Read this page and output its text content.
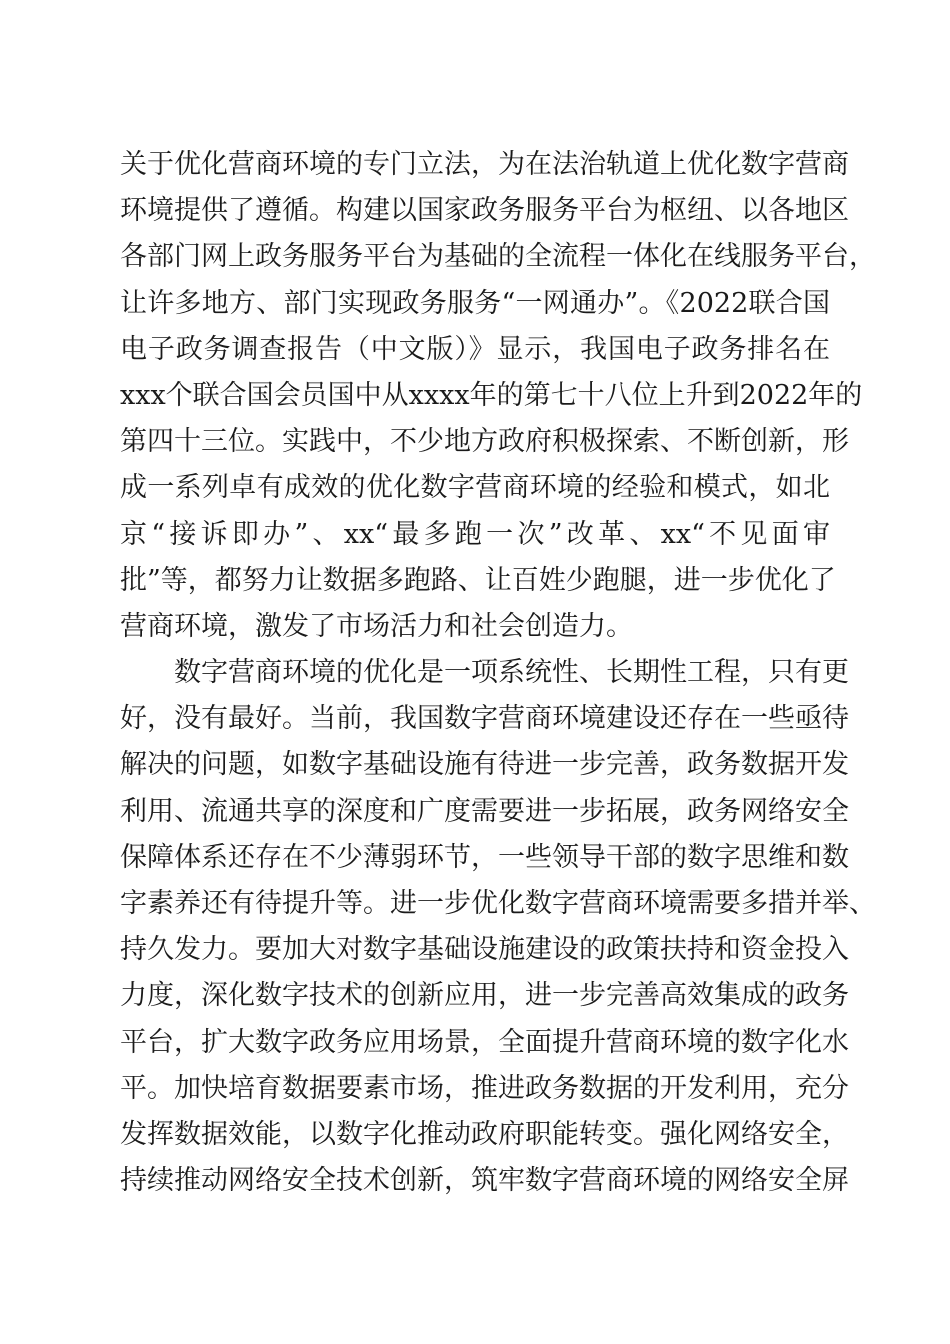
关于优化营商环境的专门立法，为在法治轨道上优化数字营商
环境提供了遵循。构建以国家政务服务平台为枢纽、以各地区
各部门网上政务服务平台为基础的全流程一体化在线服务平台，
让许多地方、部门实现政务服务“一网通办”。《2022联合国
电子政务调查报告（中文版）》显示，我国电子政务排名在
xxx个联合国会员国中从xxxx年的第七十八位上升到2022年的
第四十三位。实践中，不少地方政府积极探索、不断创新，形
成一系列卓有成效的优化数字营商环境的经验和模式，如北
京“接诉即办”、xx“最多跑一次”改革、xx“不见面审
批”等，都努力让数据多跑路、让百姓少跑腿，进一步优化了
营商环境，激发了市场活力和社会创造力。
数字营商环境的优化是一项系统性、长期性工程，只有更
好，没有最好。当前，我国数字营商环境建设还存在一些亟待
解决的问题，如数字基础设施有待进一步完善，政务数据开发
利用、流通共享的深度和广度需要进一步拓展，政务网络安全
保障体系还存在不少薄弱环节，一些领导干部的数字思维和数
字素养还有待提升等。进一步优化数字营商环境需要多措并举、
持久发力。要加大对数字基础设施建设的政策扶持和资金投入
力度，深化数字技术的创新应用，进一步完善高效集成的政务
平台，扩大数字政务应用场景，全面提升营商环境的数字化水
平。加快培育数据要素市场，推进政务数据的开发利用，充分
发挥数据效能，以数字化推动政府职能转变。强化网络安全，
持续推动网络安全技术创新，筑牢数字营商环境的网络安全屏
